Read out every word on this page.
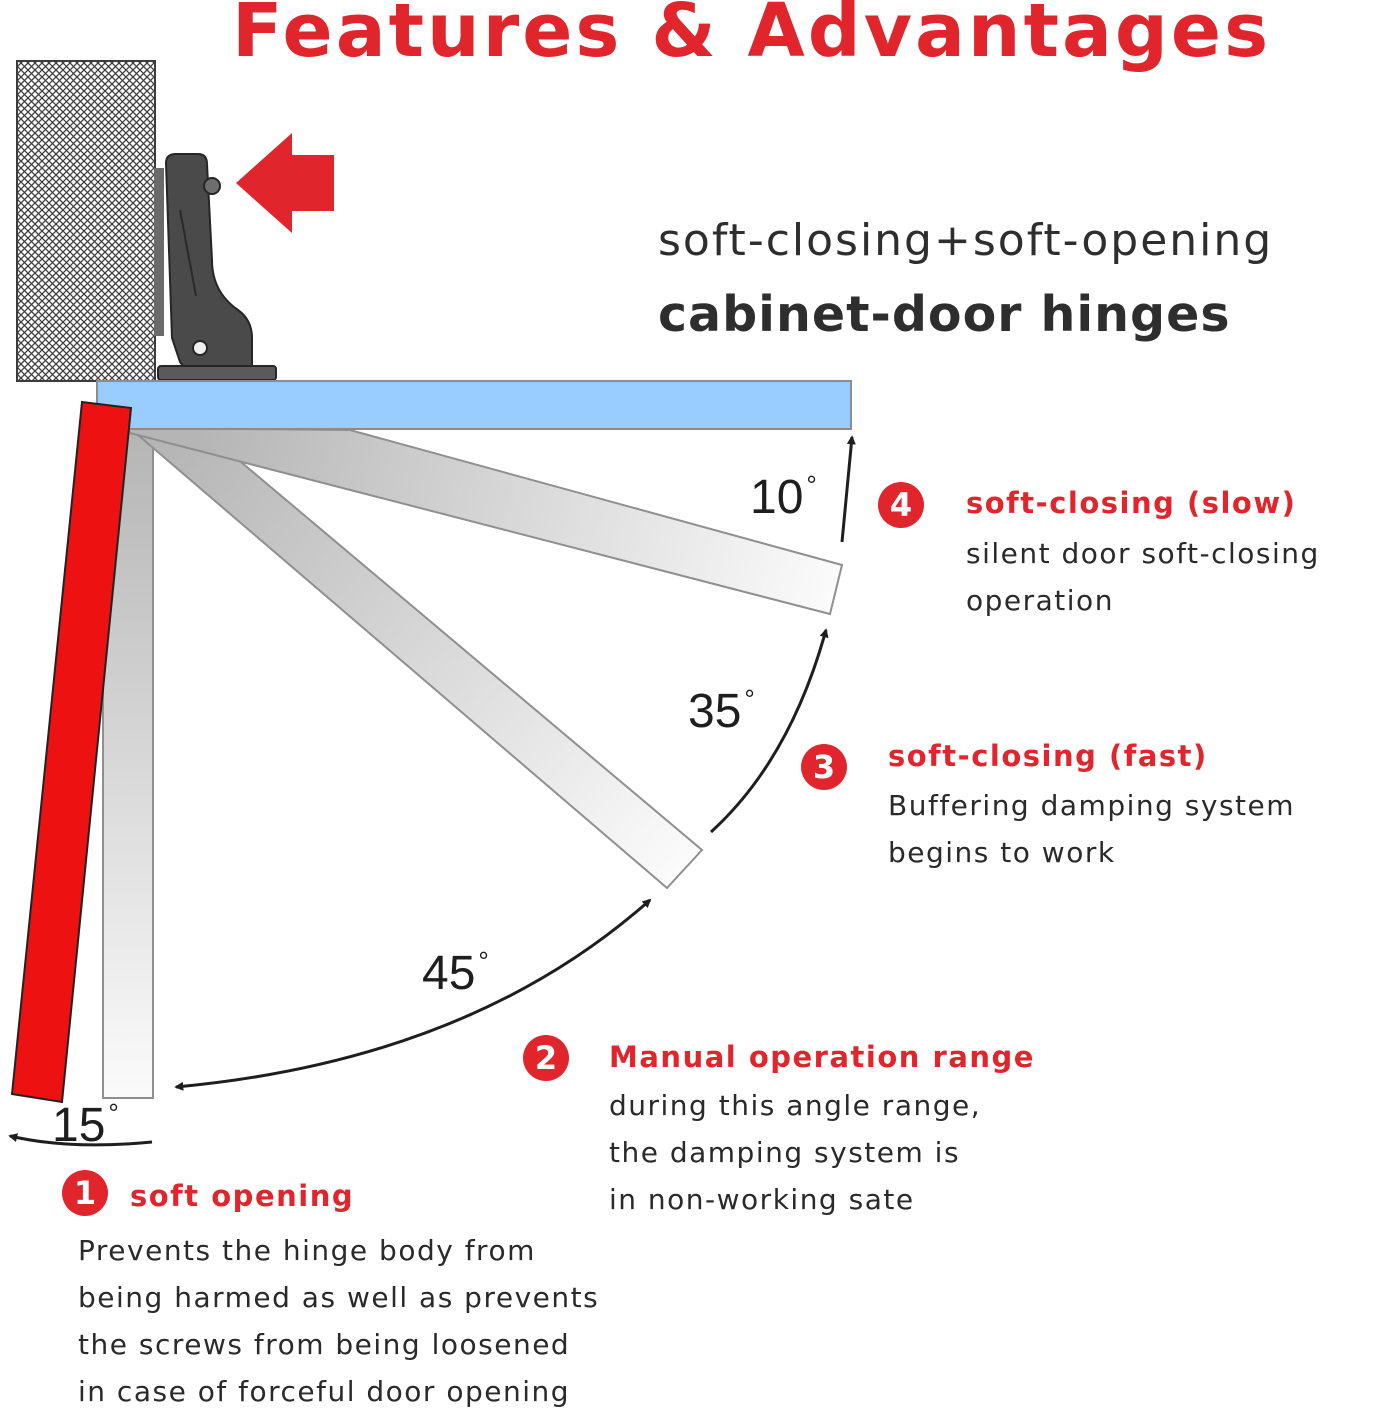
Features & Advantages
soft-closing+soft-opening
cabinet-door hinges
10 °
35 °
45 °
15 °
4	soft-closing (slow)
silent door soft-closing
operation
3	soft-closing (fast)
Buffering damping system
begins to work
2	Manual operation range
during this angle range,
the damping system is
in non-working sate
1	soft opening
Prevents the hinge body from
being harmed as well as prevents
the screws from being loosened
in case of forceful door opening
